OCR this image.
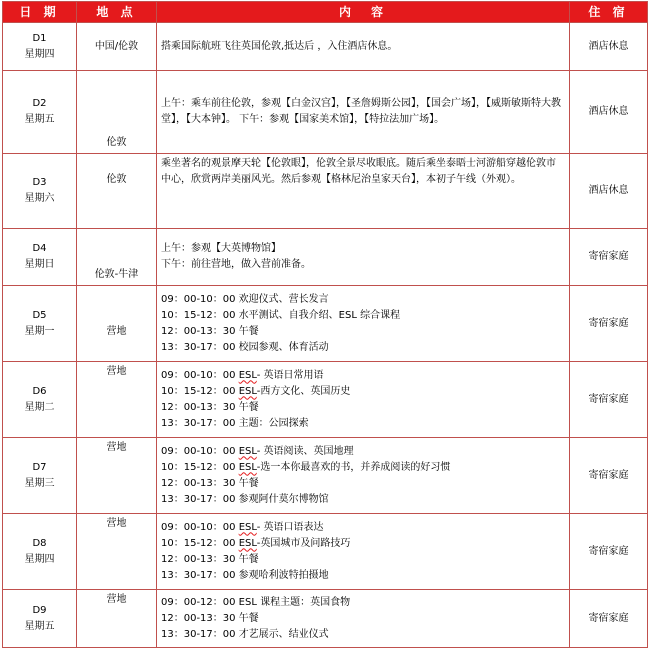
日 期	地 点	内　容	住 宿

D1
星期四	中国/伦敦	搭乘国际航班飞往英国伦敦,抵达后 ，入住酒店休息。	酒店休息

D2
星期五	伦敦	上午：乘车前往伦敦，参观【白金汉宫】，【圣詹姆斯公园】，【国会广场】，【威斯敏斯特大教堂】，【大本钟】。 下午：参观【国家美术馆】，【特拉法加广场】。	酒店休息

D3
星期六	伦敦	乘坐著名的观景摩天轮【伦敦眼】，伦敦全景尽收眼底。随后乘坐泰晤士河游船穿越伦敦市中心，欣赏两岸美丽风光。然后参观【格林尼治皇家天台】，本初子午线（外观）。	酒店休息

D4
星期日	伦敦-牛津	上午：参观【大英博物馆】
下午：前往营地，做入营前准备。	寄宿家庭

D5
星期一	营地	09：00-10：00 欢迎仪式、营长发言
10：15-12：00 水平测试、自我介绍、ESL 综合课程
12：00-13：30 午餐
13：30-17：00 校园参观、体育活动	寄宿家庭

D6
星期二	营地	09：00-10：00 ESL- 英语日常用语
10：15-12：00 ESL-西方文化、英国历史
12：00-13：30 午餐
13：30-17：00 主题：公园探索	寄宿家庭

D7
星期三	营地	09：00-10：00 ESL- 英语阅读、英国地理
10：15-12：00 ESL-选一本你最喜欢的书，并养成阅读的好习惯
12：00-13：30 午餐
13：30-17：00 参观阿什莫尔博物馆	寄宿家庭

D8
星期四	营地	09：00-10：00 ESL- 英语口语表达
10：15-12：00 ESL-英国城市及问路技巧
12：00-13：30 午餐
13：30-17：00 参观哈利波特拍摄地	寄宿家庭

D9
星期五	营地	09：00-12：00 ESL 课程主题：英国食物
12：00-13：30 午餐
13：30-17：00 才艺展示、结业仪式	寄宿家庭
